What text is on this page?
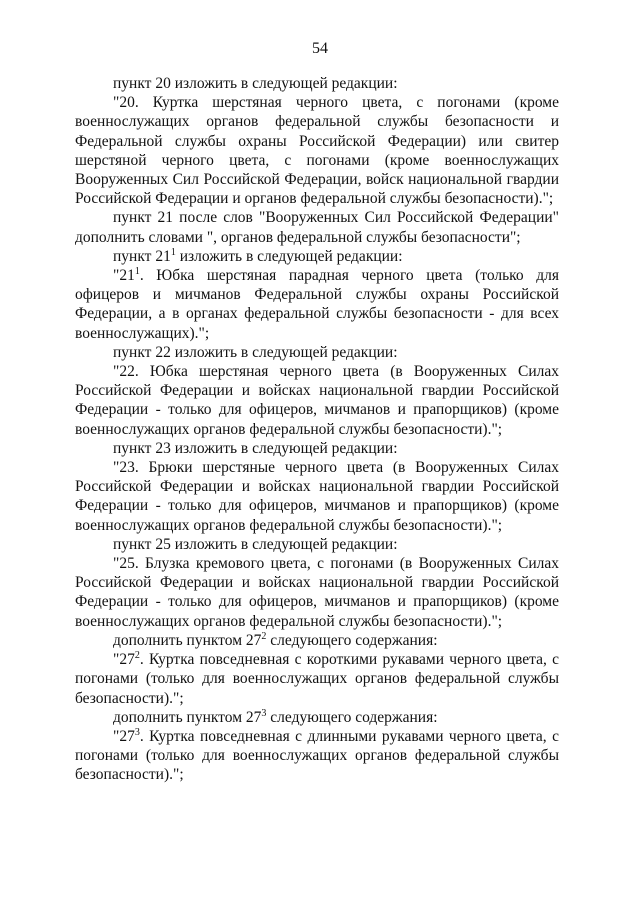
54

пункт 20 изложить в следующей редакции:

"20. Куртка шерстяная черного цвета, с погонами (кроме военнослужащих органов федеральной службы безопасности и Федеральной службы охраны Российской Федерации) или свитер шерстяной черного цвета, с погонами (кроме военнослужащих Вооруженных Сил Российской Федерации, войск национальной гвардии Российской Федерации и органов федеральной службы безопасности).";

пункт 21 после слов "Вооруженных Сил Российской Федерации" дополнить словами ", органов федеральной службы безопасности";

пункт $21^1$ изложить в следующей редакции:

"$21^1$. Юбка шерстяная парадная черного цвета (только для офицеров и мичманов Федеральной службы охраны Российской Федерации, а в органах федеральной службы безопасности - для всех военнослужащих).";

пункт 22 изложить в следующей редакции:

"22. Юбка шерстяная черного цвета (в Вооруженных Силах Российской Федерации и войсках национальной гвардии Российской Федерации - только для офицеров, мичманов и прапорщиков) (кроме военнослужащих органов федеральной службы безопасности).";

пункт 23 изложить в следующей редакции:

"23. Брюки шерстяные черного цвета (в Вооруженных Силах Российской Федерации и войсках национальной гвардии Российской Федерации - только для офицеров, мичманов и прапорщиков) (кроме военнослужащих органов федеральной службы безопасности).";

пункт 25 изложить в следующей редакции:

"25. Блузка кремового цвета, с погонами (в Вооруженных Силах Российской Федерации и войсках национальной гвардии Российской Федерации - только для офицеров, мичманов и прапорщиков) (кроме военнослужащих органов федеральной службы безопасности).";

дополнить пунктом $27^2$ следующего содержания:

"$27^2$. Куртка повседневная с короткими рукавами черного цвета, с погонами (только для военнослужащих органов федеральной службы безопасности).";

дополнить пунктом $27^3$ следующего содержания:

"$27^3$. Куртка повседневная с длинными рукавами черного цвета, с погонами (только для военнослужащих органов федеральной службы безопасности).";
